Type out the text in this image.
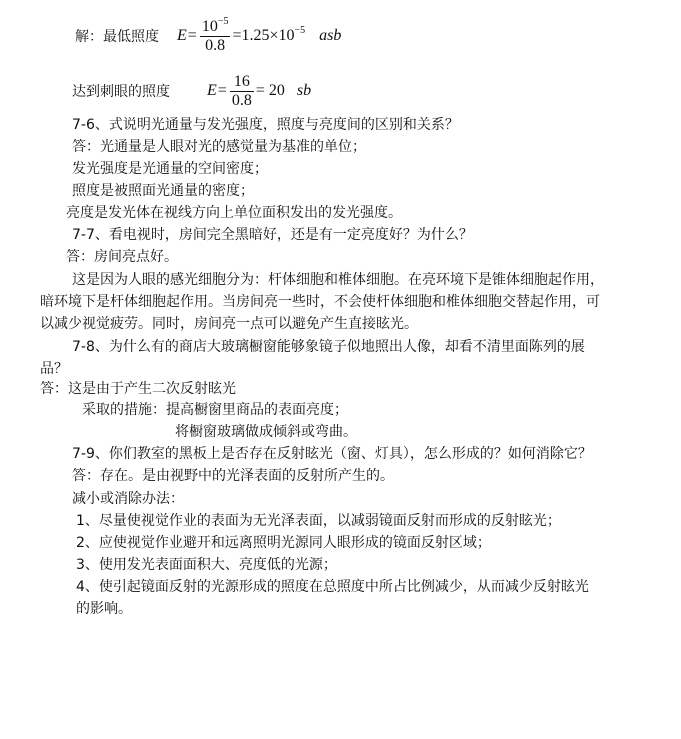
解：最低照度	$E = \frac{10^{-5}}{0.8} =1.25\times 10^{-5}$ asb
达到刺眼的照度	$E = \frac{16}{0.8} = 20$ sb
7-6、式说明光通量与发光强度，照度与亮度间的区别和关系？
答：光通量是人眼对光的感觉量为基准的单位；
发光强度是光通量的空间密度；
照度是被照面光通量的密度；
亮度是发光体在视线方向上单位面积发出的发光强度。
7-7、看电视时，房间完全黑暗好，还是有一定亮度好？为什么？
答：房间亮点好。
这是因为人眼的感光细胞分为：杆体细胞和椎体细胞。在亮环境下是锥体细胞起作用，
暗环境下是杆体细胞起作用。当房间亮一些时，不会使杆体细胞和椎体细胞交替起作用，可
以减少视觉疲劳。同时，房间亮一点可以避免产生直接眩光。
7-8、为什么有的商店大玻璃橱窗能够象镜子似地照出人像，却看不清里面陈列的展
品？
答：这是由于产生二次反射眩光
采取的措施：提高橱窗里商品的表面亮度；
将橱窗玻璃做成倾斜或弯曲。
7-9、你们教室的黑板上是否存在反射眩光（窗、灯具），怎么形成的？如何消除它？
答：存在。是由视野中的光泽表面的反射所产生的。
减小或消除办法：
1、尽量使视觉作业的表面为无光泽表面，以减弱镜面反射而形成的反射眩光；
2、应使视觉作业避开和远离照明光源同人眼形成的镜面反射区域；
3、使用发光表面面积大、亮度低的光源；
4、使引起镜面反射的光源形成的照度在总照度中所占比例减少，从而减少反射眩光
的影响。
